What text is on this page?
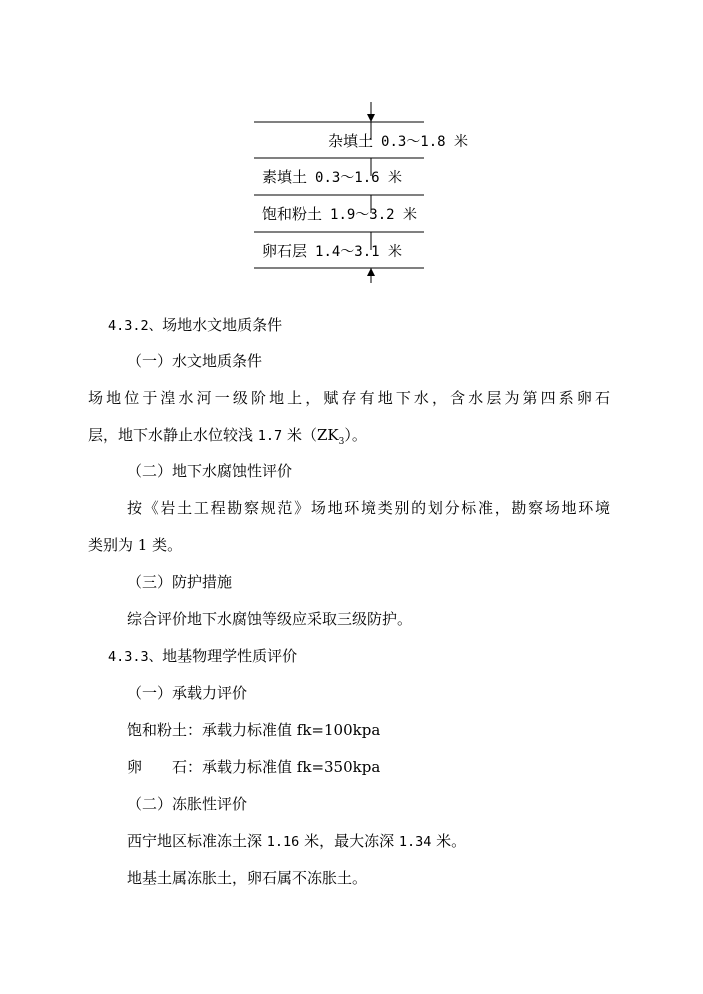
杂填土 0.3～1.8 米
素填土 0.3～1.6 米
饱和粉土 1.9～3.2 米
卵石层 1.4～3.1 米
4.3.2、场地水文地质条件
（一）水文地质条件
场地位于湟水河一级阶地上，赋存有地下水，含水层为第四系卵石
层，地下水静止水位较浅 1.7 米$(ZK_3)$。
（二）地下水腐蚀性评价
按《岩土工程勘察规范》场地环境类别的划分标准，勘察场地环境
类别为 1 类。
（三）防护措施
综合评价地下水腐蚀等级应采取三级防护。
4.3.3、地基物理学性质评价
（一）承载力评价
饱和粉土：承载力标准值 fk=100kpa
卵 石：承载力标准值 fk=350kpa
（二）冻胀性评价
西宁地区标准冻土深 1.16 米，最大冻深 1.34 米。
地基土属冻胀土，卵石属不冻胀土。
